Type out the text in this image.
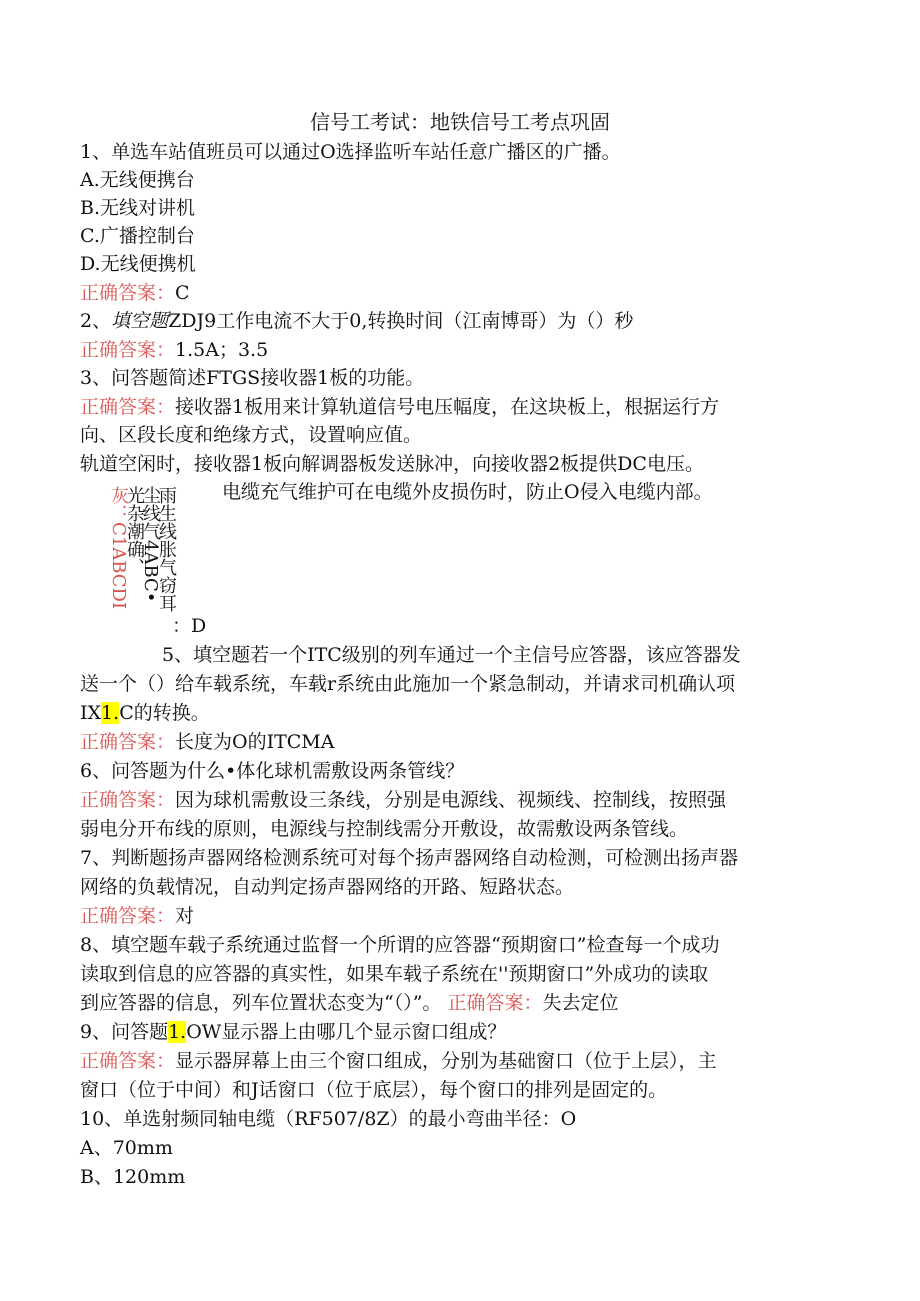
信号工考试：地铁信号工考点巩固
1、单选车站值班员可以通过O选择监听车站任意广播区的广播。
A.无线便携台
B.无线对讲机
C.广播控制台
D.无线便携机
正确答案：C
2、填空题ZDJ9工作电流不大于0,转换时间（江南博哥）为（）秒
正确答案：1.5A；3.5
3、问答题简述FTGS接收器1板的功能。
正确答案：接收器1板用来计算轨道信号电压幅度，在这块板上，根据运行方
向、区段长度和绝缘方式，设置响应值。
轨道空闲时，接收器1板向解调器板发送脉冲，向接收器2板提供DC电压。
电缆充气维护可在电缆外皮损伤时，防止O侵入电缆内部。
光杂潮确、
灰：C1ABCDI 尘线气4ABC•
雨生线胀气窃耳
：D
5、填空题若一个ITC级别的列车通过一个主信号应答器，该应答器发
送一个（）给车载系统，车载r系统由此施加一个紧急制动，并请求司机确认项
IX1.C的转换。
正确答案：长度为O的ITCMA
6、问答题为什么•体化球机需敷设两条管线？
正确答案：因为球机需敷设三条线，分别是电源线、视频线、控制线，按照强
弱电分开布线的原则，电源线与控制线需分开敷设，故需敷设两条管线。
7、判断题扬声器网络检测系统可对每个扬声器网络自动检测，可检测出扬声器
网络的负载情况，自动判定扬声器网络的开路、短路状态。
正确答案：对
8、填空题车载子系统通过监督一个所谓的应答器“预期窗口”检查每一个成功
读取到信息的应答器的真实性，如果车载子系统在''预期窗口”外成功的读取
到应答器的信息，列车位置状态变为“（）”。 正确答案：失去定位
9、问答题1.OW显示器上由哪几个显示窗口组成？
正确答案：显示器屏幕上由三个窗口组成，分别为基础窗口（位于上层），主
窗口（位于中间）和J话窗口（位于底层），每个窗口的排列是固定的。
10、单选射频同轴电缆（RF507/8Z）的最小弯曲半径：O
A、70mm
B、120mm
